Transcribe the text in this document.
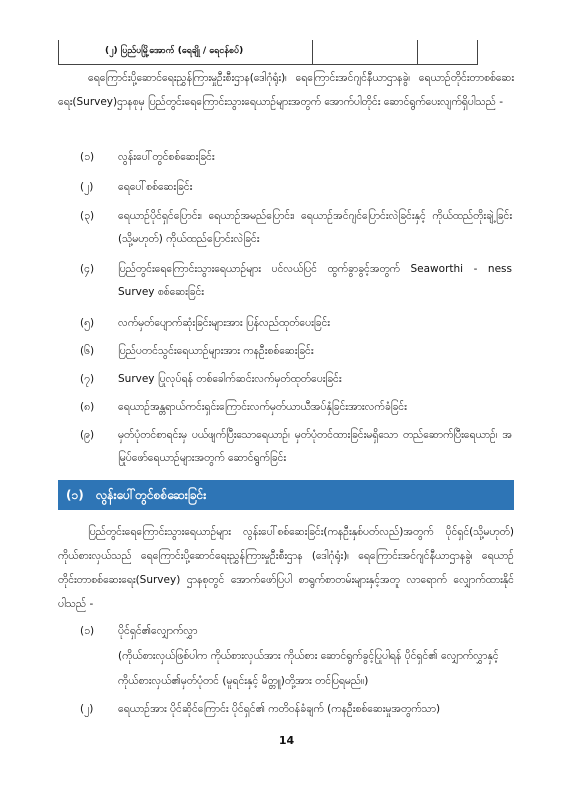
(၂) ပြည်ပမြို့အောက် (ရေချို / ရေငန်စပ်)
ရေကြောင်းပို့ဆောင်ရေးညွှန်ကြားမှုဦးစီးဌာန(ဒေါဂုံရုံး)၊ ရေကြောင်းအင်ဂျင်နီယာဌာနခွဲ၊ ရေယာဉ်တိုင်းတာစစ်ဆေးရေး(Survey)ဌာနစုမှ ပြည်တွင်းရေကြောင်းသွားရေယာဉ်များအတွက် အောက်ပါတိုင်း ဆောင်ရွက်ပေးလျက်ရှိပါသည် -
(၁)	လွန်းပေါ်တွင်စစ်ဆေးခြင်း
(၂)	ရေပေါ်စစ်ဆေးခြင်း
(၃)	ရေယာဉ်ပိုင်ရှင်ပြောင်း၊ ရေယာဉ်အမည်ပြောင်း၊ ရေယာဉ်အင်ဂျင်ပြောင်းလဲခြင်းနှင့် ကိုယ်ထည်တိုးချဲ့ခြင်း (သို့မဟုတ်) ကိုယ်ထည်ပြောင်းလဲခြင်း
(၄)	ပြည်တွင်းရေကြောင်းသွားရေယာဉ်များ ပင်လယ်ပြင် ထွက်ခွာခွင့်အတွက် Seaworthi - ness Survey စစ်ဆေးခြင်း
(၅)	လက်မှတ်ပျောက်ဆုံးခြင်းများအား ပြန်လည်ထုတ်ပေးခြင်း
(၆)	ပြည်ပတင်သွင်းရေယာဉ်များအား ကနဦးစစ်ဆေးခြင်း
(၇)	Survey ပြုလုပ်ရန် တစ်ခေါက်ဆင်းလက်မှတ်ထုတ်ပေးခြင်း
(၈)	ရေယာဉ်အန္တရာယ်ကင်းရှင်းကြောင်းလက်မှတ်ယာယီအပ်နှံခြင်းအားလက်ခံခြင်း
(၉)	မှတ်ပုံတင်စာရင်းမှ ပယ်ဖျက်ပြီးသောရေယာဉ်၊ မှတ်ပုံတင်ထားခြင်းမရှိသော တည်ဆောက်ပြီးရေယာဉ်၊ အမြုပ်ဖော်ရေယာဉ်များအတွက် ဆောင်ရွက်ခြင်း
(၁) လွန်းပေါ်တွင်စစ်ဆေးခြင်း
ပြည်တွင်းရေကြောင်းသွားရေယာဉ်များ လွန်းပေါ်စစ်ဆေးခြင်း(ကနဦးနှစ်ပတ်လည်)အတွက် ပိုင်ရှင်(သို့မဟုတ်) ကိုယ်စားလှယ်သည် ရေကြောင်းပို့ဆောင်ရေးညွှန်ကြားမှုဦးစီးဌာန (ဒေါဂုံရုံး)၊ ရေကြောင်းအင်ဂျင်နီယာဌာနခွဲ၊ ရေယာဉ်တိုင်းတာစစ်ဆေးရေး(Survey) ဌာနစုတွင် အောက်ဖော်ပြပါ စာရွက်စာတမ်းများနှင့်အတူ လာရောက် လျှောက်ထားနိုင်ပါသည် -
(၁)	ပိုင်ရှင်၏လျှောက်လွှာ
(ကိုယ်စားလှယ်ဖြစ်ပါက ကိုယ်စားလှယ်အား ကိုယ်စား ဆောင်ရွက်ခွင့်ပြုပါရန် ပိုင်ရှင်၏ လျှောက်လွှာနှင့် ကိုယ်စားလှယ်၏မှတ်ပုံတင် (မူရင်းနှင့် မိတ္တူ)တို့အား တင်ပြရမည်။)
(၂)	ရေယာဉ်အား ပိုင်ဆိုင်ကြောင်း ပိုင်ရှင်၏ ကတိဝန်ခံချက် (ကနဦးစစ်ဆေးမှုအတွက်သာ)
14
